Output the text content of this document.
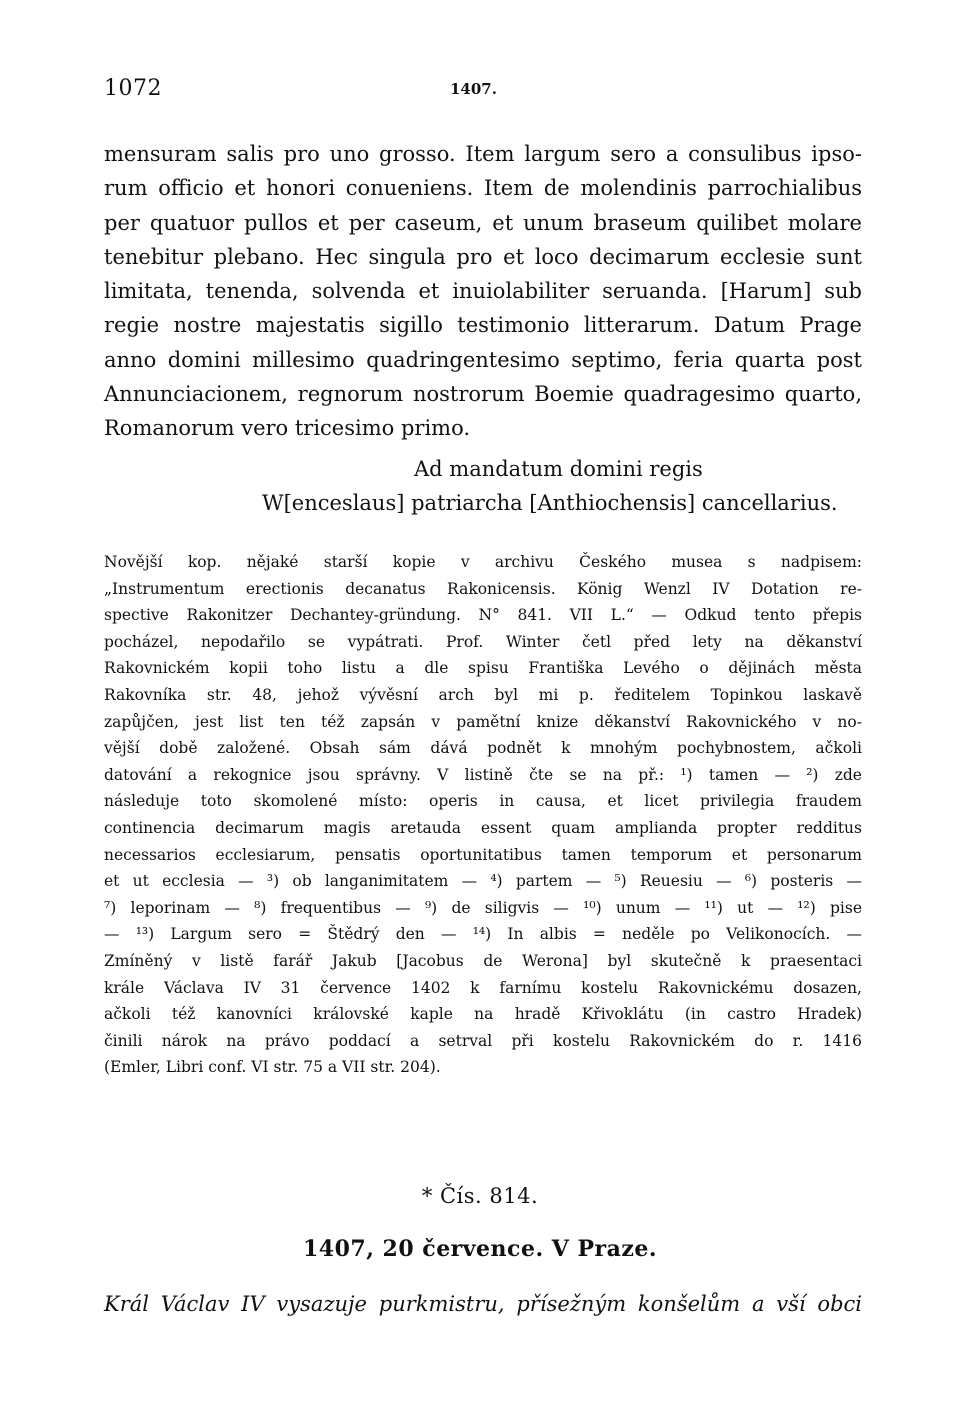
1072	1407.

mensuram salis pro uno grosso. Item largum sero a consulibus ipso-
rum officio et honori conueniens. Item de molendinis parrochialibus
per quatuor pullos et per caseum, et unum braseum quilibet molare
tenebitur plebano. Hec singula pro et loco decimarum ecclesie sunt
limitata, tenenda, solvenda et inuiolabiliter seruanda. [Harum] sub
regie nostre majestatis sigillo testimonio litterarum. Datum Prage
anno domini millesimo quadringentesimo septimo, feria quarta post
Annunciacionem, regnorum nostrorum Boemie quadragesimo quarto,
Romanorum vero tricesimo primo.

Ad mandatum domini regis
W[enceslaus] patriarcha [Anthiochensis] cancellarius.

Novější kop. nějaké starší kopie v archivu Českého musea s nadpisem:
„Instrumentum erectionis decanatus Rakonicensis. König Wenzl IV Dotation re-
spective Rakonitzer Dechantey-gründung. N° 841. VII L.“ — Odkud tento přepis
pocházel, nepodařilo se vypátrati. Prof. Winter četl před lety na děkanství
Rakovnickém kopii toho listu a dle spisu Františka Levého o dějinách města
Rakovníka str. 48, jehož vývěsní arch byl mi p. ředitelem Topinkou laskavě
zapůjčen, jest list ten též zapsán v pamětní knize děkanství Rakovnického v no-
vější době založené. Obsah sám dává podnět k mnohým pochybnostem, ačkoli
datování a rekognice jsou správny. V listině čte se na př.: ¹) tamen — ²) zde
následuje toto skomolené místo: operis in causa, et licet privilegia fraudem
continencia decimarum magis aretauda essent quam amplianda propter redditus
necessarios ecclesiarum, pensatis oportunitatibus tamen temporum et personarum
et ut ecclesia — ³) ob langanimitatem — ⁴) partem — ⁵) Reuesiu — ⁶) posteris —
⁷) leporinam — ⁸) frequentibus — ⁹) de siligvis — ¹⁰) unum — ¹¹) ut — ¹²) pise
— ¹³) Largum sero = Štědrý den — ¹⁴) In albis = neděle po Velikonocích. —
Zmíněný v listě farář Jakub [Jacobus de Werona] byl skutečně k praesentaci
krále Václava IV 31 července 1402 k farnímu kostelu Rakovnickému dosazen,
ačkoli též kanovníci královské kaple na hradě Křivoklátu (in castro Hradek)
činili nárok na právo poddací a setrval při kostelu Rakovnickém do r. 1416
(Emler, Libri conf. VI str. 75 a VII str. 204).

* Čís. 814.
1407, 20 července. V Praze.
Král Václav IV vysazuje purkmistru, přísežným konšelům a vší obci
